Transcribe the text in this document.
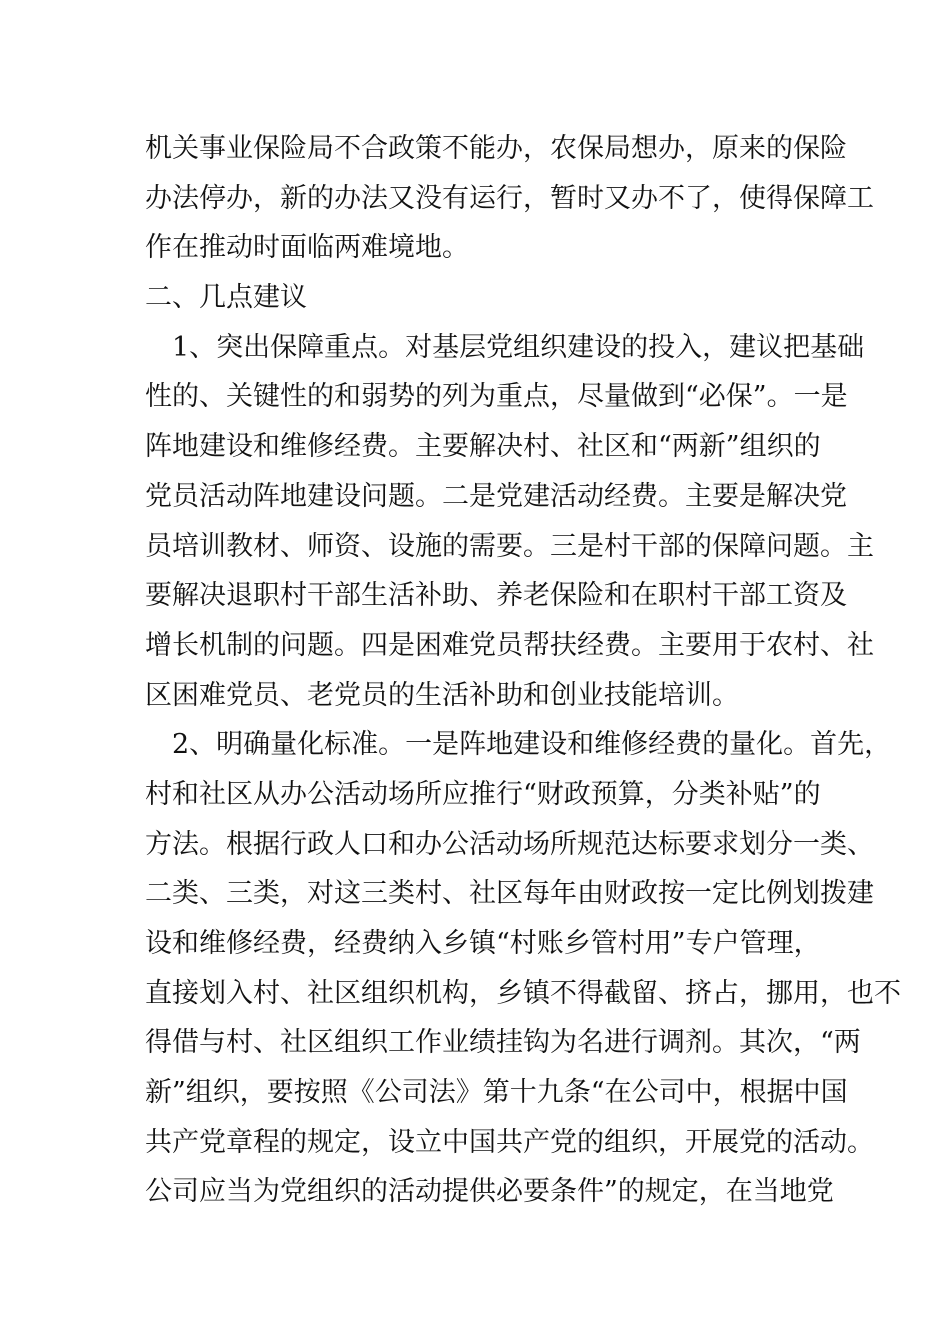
机关事业保险局不合政策不能办，农保局想办，原来的保险
办法停办，新的办法又没有运行，暂时又办不了，使得保障工
作在推动时面临两难境地。
二、几点建议
1、突出保障重点。对基层党组织建设的投入，建议把基础
性的、关键性的和弱势的列为重点，尽量做到“必保”。一是
阵地建设和维修经费。主要解决村、社区和“两新”组织的
党员活动阵地建设问题。二是党建活动经费。主要是解决党
员培训教材、师资、设施的需要。三是村干部的保障问题。主
要解决退职村干部生活补助、养老保险和在职村干部工资及
增长机制的问题。四是困难党员帮扶经费。主要用于农村、社
区困难党员、老党员的生活补助和创业技能培训。
2、明确量化标准。一是阵地建设和维修经费的量化。首先，
村和社区从办公活动场所应推行“财政预算，分类补贴”的
方法。根据行政人口和办公活动场所规范达标要求划分一类、
二类、三类，对这三类村、社区每年由财政按一定比例划拨建
设和维修经费，经费纳入乡镇“村账乡管村用”专户管理，
直接划入村、社区组织机构，乡镇不得截留、挤占，挪用，也不
得借与村、社区组织工作业绩挂钩为名进行调剂。其次，“两
新”组织，要按照《公司法》第十九条“在公司中，根据中国
共产党章程的规定，设立中国共产党的组织，开展党的活动。
公司应当为党组织的活动提供必要条件”的规定，在当地党
